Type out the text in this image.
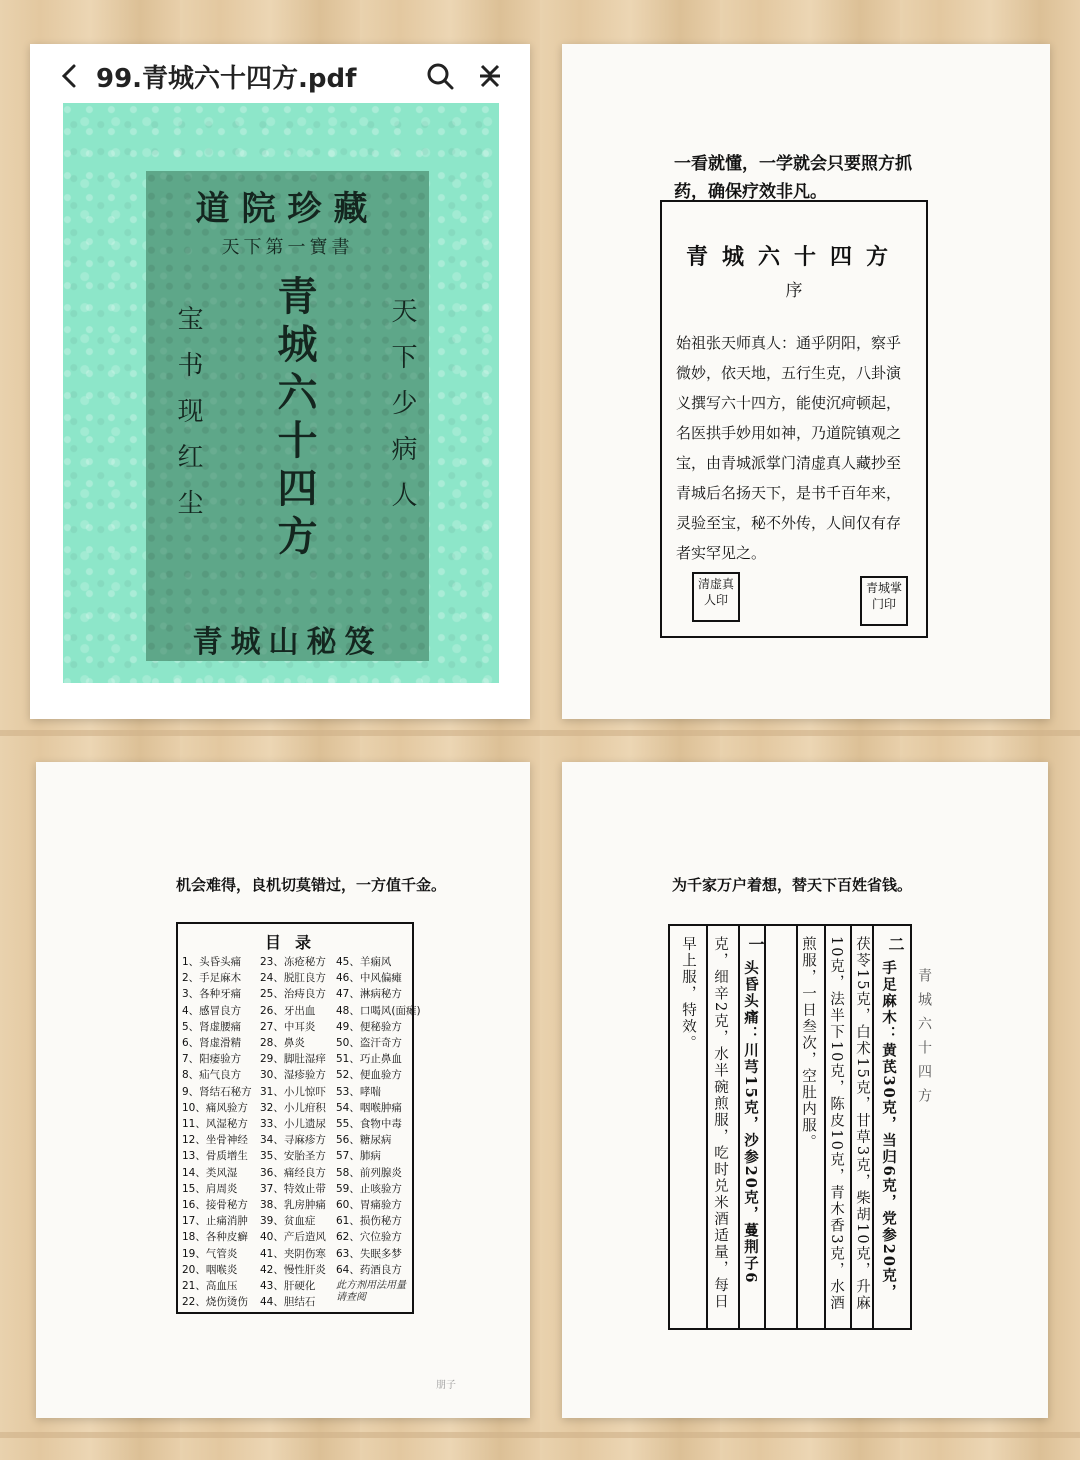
99.青城六十四方.pdf
道院珍藏
天下第一寶書
宝书现红尘 青城六十四方	天下少病人
青城山秘笈
一看就懂，一学就会只要照方抓药，确保疗效非凡。
青城六十四方
序
始祖张天师真人：通乎阴阳，察乎微妙，依天地，五行生克，八卦演义撰写六十四方，能使沉疴顿起，名医拱手妙用如神，乃道院镇观之宝，由青城派掌门清虚真人藏抄至青城后名扬天下，是书千百年来，灵验至宝，秘不外传，人间仅有存者实罕见之。
清虚真人印
青城掌门印
机会难得，良机切莫错过，一方值千金。
目录
1、头昏头痛
2、手足麻木
3、各种牙痛
4、感冒良方
5、肾虚腰痛
6、肾虚滑精
7、阳痿验方
8、疝气良方
9、肾结石秘方
10、痛风验方
11、风湿秘方
12、坐骨神经
13、骨质增生
14、类风湿
15、肩周炎
16、接骨秘方
17、止痛消肿
18、各种皮癣
19、气管炎
20、咽喉炎
21、高血压
22、烧伤烫伤
23、冻疮秘方
24、脱肛良方
25、治痔良方
26、牙出血
27、中耳炎
28、鼻炎
29、脚肚湿痒
30、湿疹验方
31、小儿惊吓
32、小儿疳积
33、小儿遗尿
34、寻麻疹方
35、安胎圣方
36、痛经良方
37、特效止带
38、乳房肿痛
39、贫血症
40、产后造风
41、夹阴伤寒
42、慢性肝炎
43、肝硬化
44、胆结石
45、羊痫风
46、中风偏瘫
47、淋病秘方
48、口喝风(面瘫)
49、便秘验方
50、盗汗奇方
51、巧止鼻血
52、便血验方
53、哮喘
54、咽喉肿痛
55、食物中毒
56、糖尿病
57、肺病
58、前列腺炎
59、止咳验方
60、胃痛验方
61、损伤秘方
62、穴位验方
63、失眠多梦
64、药酒良方
此方剂用法用量请查阅
朋子
为千家万户着想，替天下百姓省钱。
二
手足麻木：黄芪30克，当归6克，党参20克，
茯苓15克，白术15克，甘草3克，柴胡10克，升麻
10克，法半下10克，陈皮10克，青木香3克，水酒
煎服，一日叁次，空肚内服。
一
头昏头痛：川芎15克，沙参20克，蔓荆子6
克，细辛2克，水半碗煎服，吃时兑米酒适量，每日
早上服，特效。	青城六十四方
